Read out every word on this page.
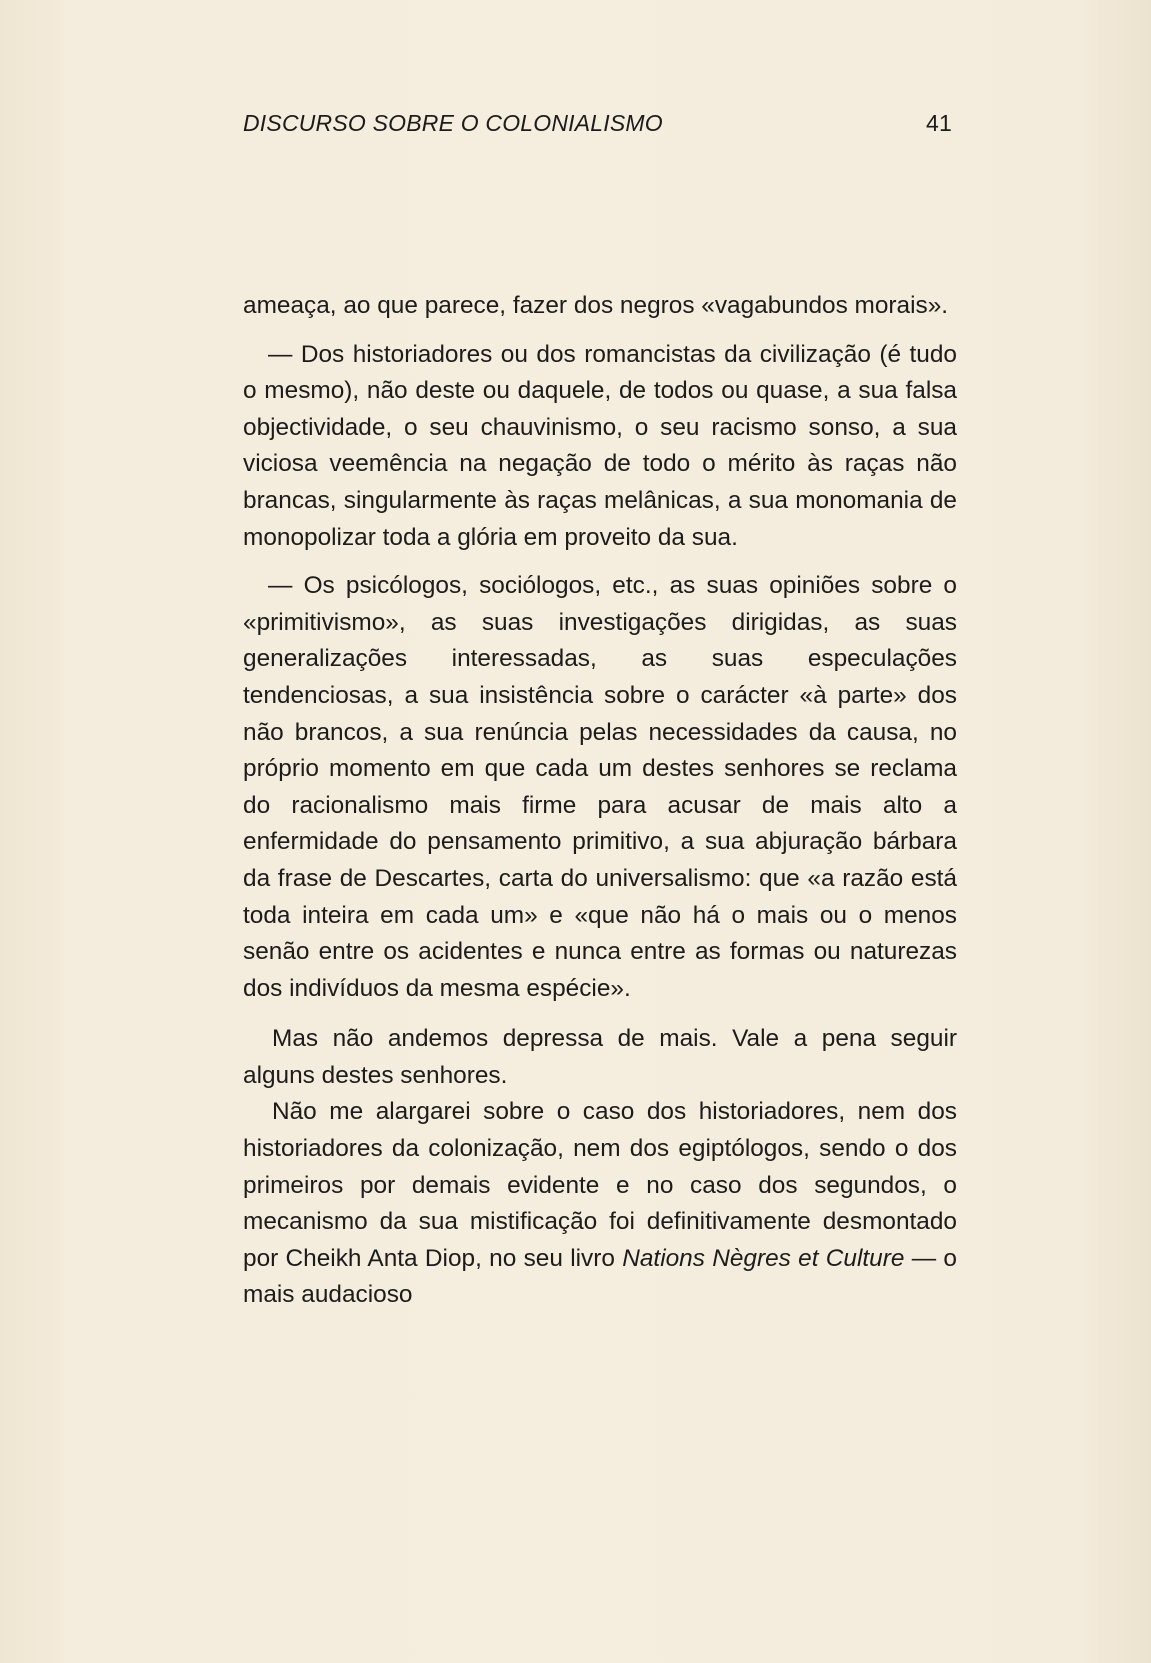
DISCURSO SOBRE O COLONIALISMO	41

ameaça, ao que parece, fazer dos negros «vagabundos morais».

— Dos historiadores ou dos romancistas da civilização (é tudo o mesmo), não deste ou daquele, de todos ou quase, a sua falsa objectividade, o seu chauvinismo, o seu racismo sonso, a sua viciosa veemência na negação de todo o mérito às raças não brancas, singularmente às raças melânicas, a sua monomania de monopolizar toda a glória em proveito da sua.

— Os psicólogos, sociólogos, etc., as suas opiniões sobre o «primitivismo», as suas investigações dirigidas, as suas generalizações interessadas, as suas especulações tendenciosas, a sua insistência sobre o carácter «à parte» dos não brancos, a sua renúncia pelas necessidades da causa, no próprio momento em que cada um destes senhores se reclama do racionalismo mais firme para acusar de mais alto a enfermidade do pensamento primitivo, a sua abjuração bárbara da frase de Descartes, carta do universalismo: que «a razão está toda inteira em cada um» e «que não há o mais ou o menos senão entre os acidentes e nunca entre as formas ou naturezas dos indivíduos da mesma espécie».

Mas não andemos depressa de mais. Vale a pena seguir alguns destes senhores.

Não me alargarei sobre o caso dos historiadores, nem dos historiadores da colonização, nem dos egiptólogos, sendo o dos primeiros por demais evidente e no caso dos segundos, o mecanismo da sua mistificação foi definitivamente desmontado por Cheikh Anta Diop, no seu livro Nations Nègres et Culture — o mais audacioso
